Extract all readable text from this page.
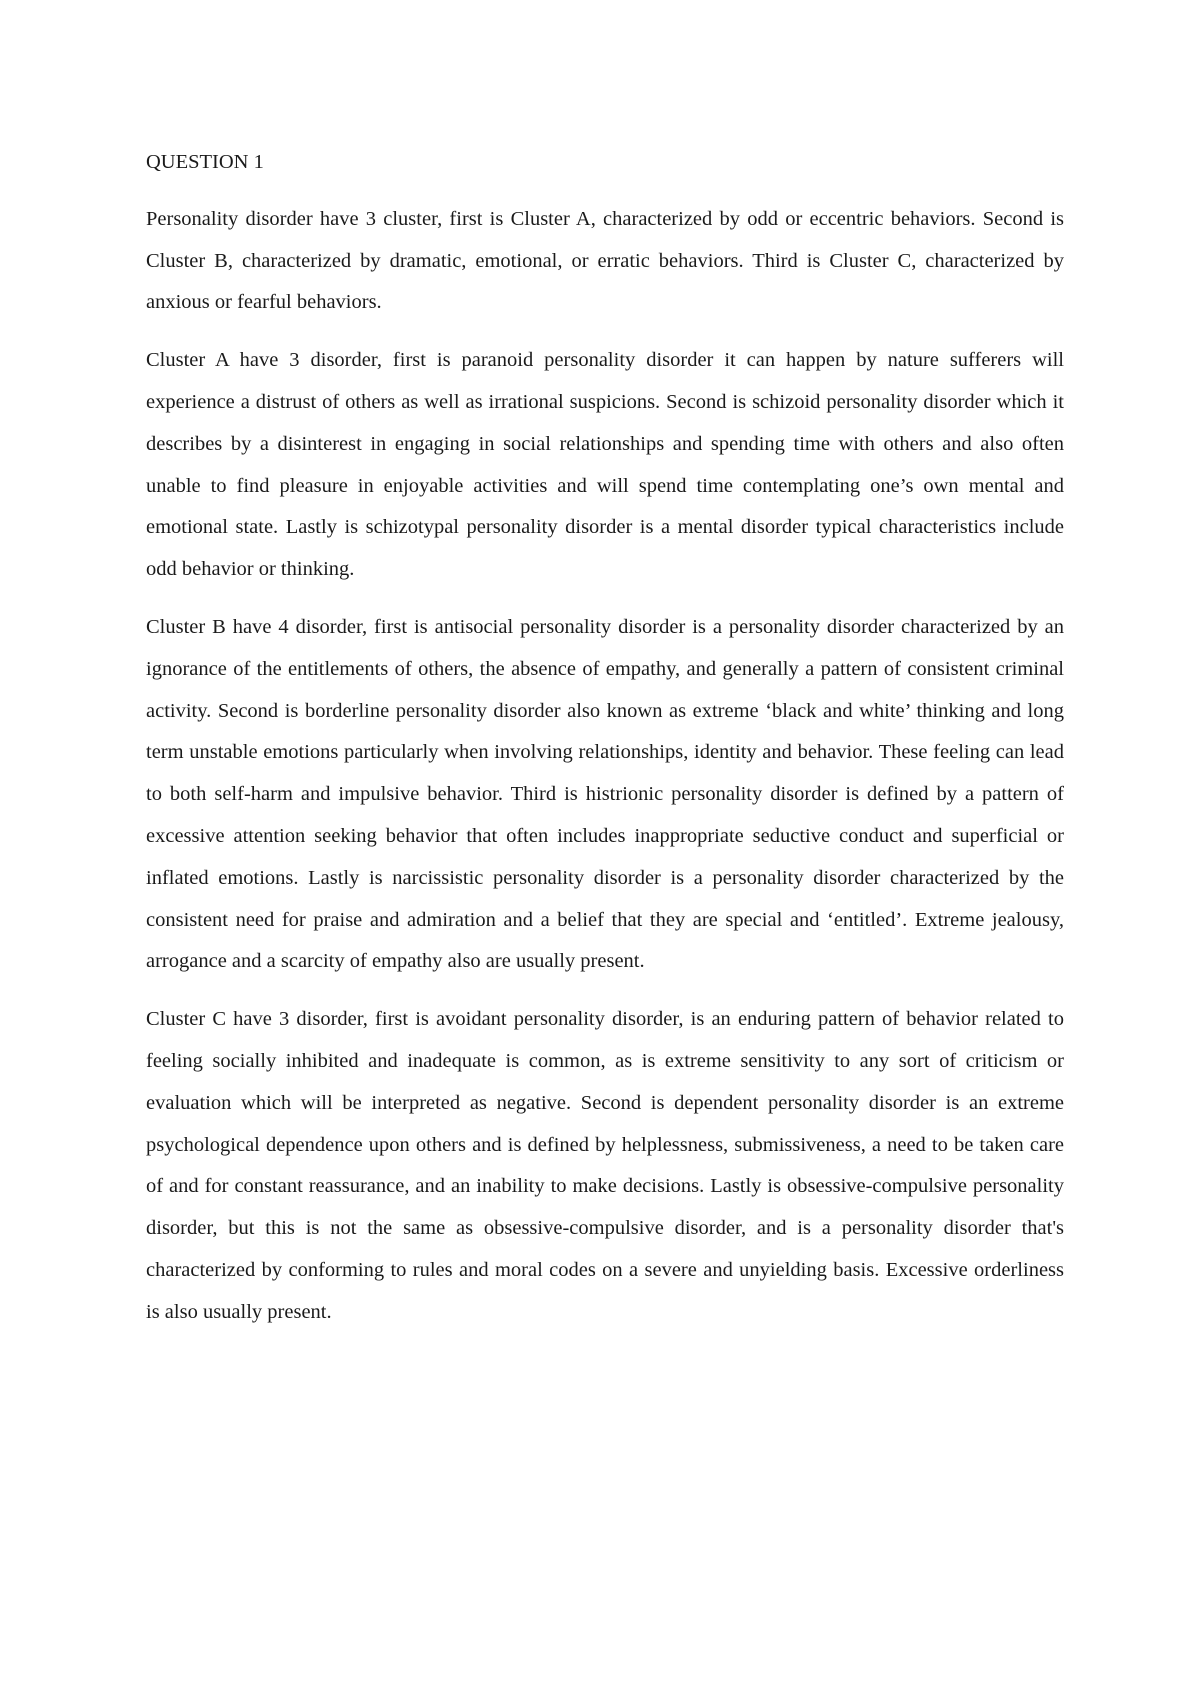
QUESTION 1

Personality disorder have 3 cluster, first is Cluster A, characterized by odd or eccentric behaviors. Second is Cluster B, characterized by dramatic, emotional, or erratic behaviors. Third is Cluster C, characterized by anxious or fearful behaviors.

Cluster A have 3 disorder, first is paranoid personality disorder it can happen by nature sufferers will experience a distrust of others as well as irrational suspicions. Second is schizoid personality disorder which it describes by a disinterest in engaging in social relationships and spending time with others and also often unable to find pleasure in enjoyable activities and will spend time contemplating one’s own mental and emotional state. Lastly is schizotypal personality disorder is a mental disorder typical characteristics include odd behavior or thinking.

Cluster B have 4 disorder, first is antisocial personality disorder is a personality disorder characterized by an ignorance of the entitlements of others, the absence of empathy, and generally a pattern of consistent criminal activity. Second is borderline personality disorder also known as extreme ‘black and white’ thinking and long term unstable emotions particularly when involving relationships, identity and behavior. These feeling can lead to both self-harm and impulsive behavior. Third is histrionic personality disorder is defined by a pattern of excessive attention seeking behavior that often includes inappropriate seductive conduct and superficial or inflated emotions. Lastly is narcissistic personality disorder is a personality disorder characterized by the consistent need for praise and admiration and a belief that they are special and ‘entitled’. Extreme jealousy, arrogance and a scarcity of empathy also are usually present.

Cluster C have 3 disorder, first is avoidant personality disorder, is an enduring pattern of behavior related to feeling socially inhibited and inadequate is common, as is extreme sensitivity to any sort of criticism or evaluation which will be interpreted as negative. Second is dependent personality disorder is an extreme psychological dependence upon others and is defined by helplessness, submissiveness, a need to be taken care of and for constant reassurance, and an inability to make decisions. Lastly is obsessive-compulsive personality disorder, but this is not the same as obsessive-compulsive disorder, and is a personality disorder that's characterized by conforming to rules and moral codes on a severe and unyielding basis. Excessive orderliness is also usually present.
